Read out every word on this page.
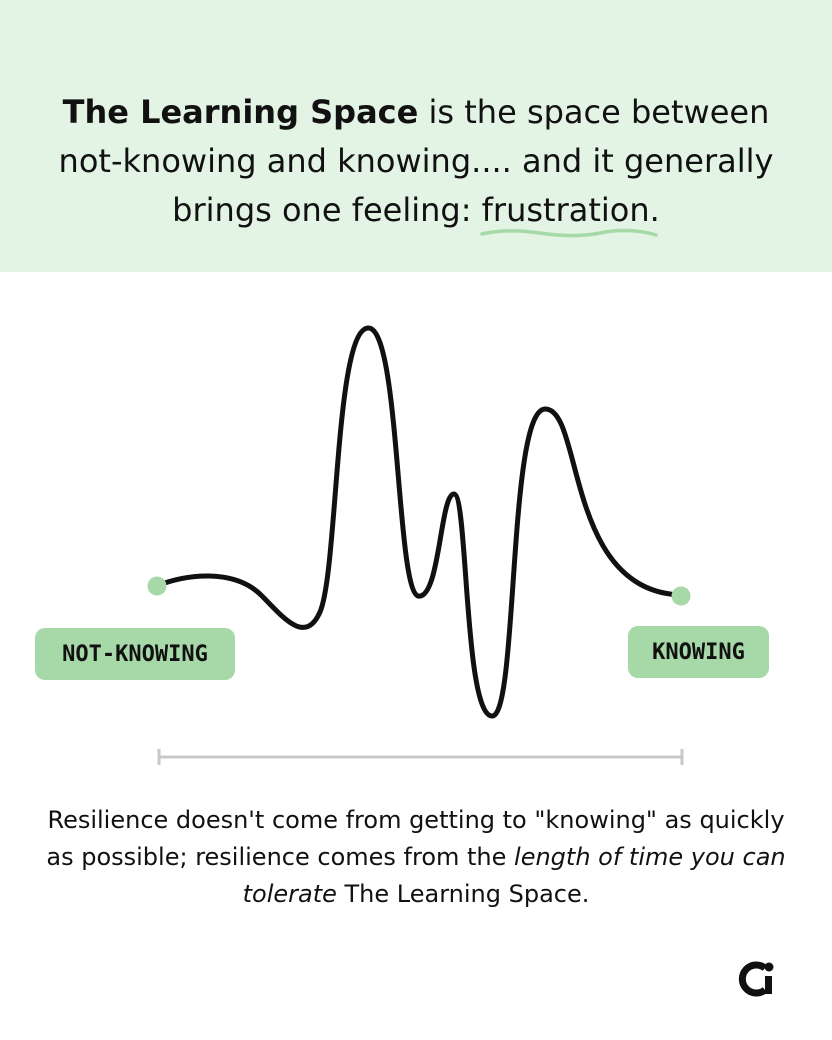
The Learning Space is the space between not-knowing and knowing.... and it generally brings one feeling: frustration
.
NOT-KNOWING	KNOWING
Resilience doesn't come from getting to "knowing" as quickly as possible; resilience comes from the length of time you can tolerate The Learning Space.
